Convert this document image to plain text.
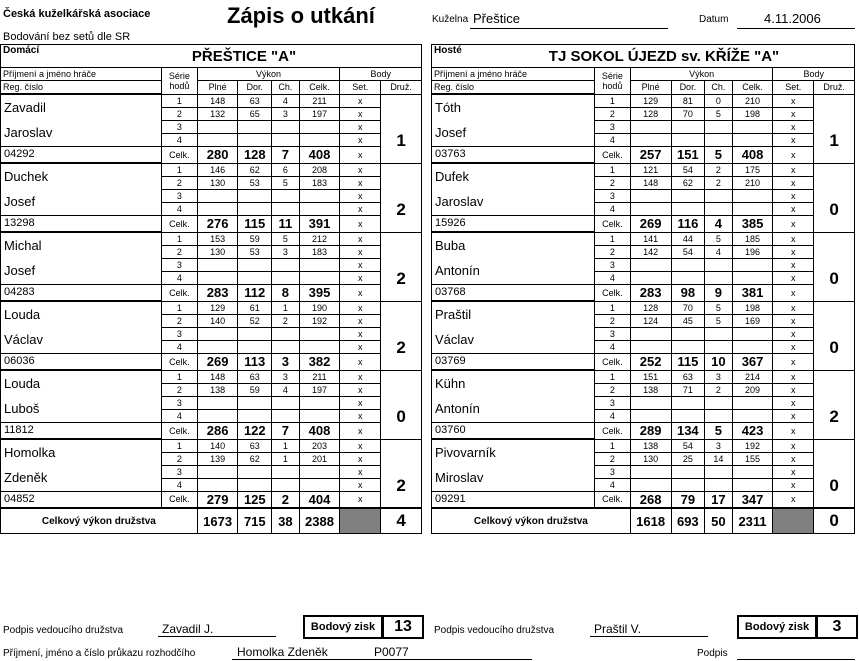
Česká kuželkářská asociace
Bodování bez setů dle SR
Zápis o utkání	Kuželna Přeštice	Datum	4.11.2006
Domácí PŘEŠTICE "A"							
Příjmení a jméno hráče	Série
hodů	Výkon				Body	
Reg. číslo		Plné	Dor.	Ch.	Celk.	Set.	Druž.
Zavadil	1	148	63	4	211	x	
	2	132	65	3	197	x	
Jaroslav	3					x	1
	4					x	
04292	Celk.	280	128	7	408	x	
Duchek	1	146	62	6	208	x	
	2	130	53	5	183	x	
Josef	3					x	2
	4					x	
13298	Celk.	276	115	11	391	x	
Michal	1	153	59	5	212	x	
	2	130	53	3	183	x	
Josef	3					x	2
	4					x	
04283	Celk.	283	112	8	395	x	
Louda	1	129	61	1	190	x	
	2	140	52	2	192	x	
Václav	3					x	2
	4					x	
06036	Celk.	269	113	3	382	x	
Louda	1	148	63	3	211	x	
	2	138	59	4	197	x	
Luboš	3					x	0
	4					x	
11812	Celk.	286	122	7	408	x	
Homolka	1	140	63	1	203	x	
	2	139	62	1	201	x	
Zdeněk	3					x	2
	4					x	
04852	Celk.	279	125	2	404	x	
Celkový výkon družstva		1673	715	38	2388		4
Hosté TJ SOKOL ÚJEZD sv. KŘÍŽE "A"							
Příjmení a jméno hráče	Série
hodů	Výkon				Body	
Reg. číslo		Plné	Dor.	Ch.	Celk.	Set.	Druž.
Tóth	1	129	81	0	210	x	
	2	128	70	5	198	x	
Josef	3					x	1
	4					x	
03763	Celk.	257	151	5	408	x	
Dufek	1	121	54	2	175	x	
	2	148	62	2	210	x	
Jaroslav	3					x	0
	4					x	
15926	Celk.	269	116	4	385	x	
Buba	1	141	44	5	185	x	
	2	142	54	4	196	x	
Antonín	3					x	0
	4					x	
03768	Celk.	283	98	9	381	x	
Praštil	1	128	70	5	198	x	
	2	124	45	5	169	x	
Václav	3					x	0
	4					x	
03769	Celk.	252	115	10	367	x	
Kühn	1	151	63	3	214	x	
	2	138	71	2	209	x	
Antonín	3					x	2
	4					x	
03760	Celk.	289	134	5	423	x	
Pivovarník	1	138	54	3	192	x	
	2	130	25	14	155	x	
Miroslav	3					x	0
	4					x	
09291	Celk.	268	79	17	347	x	
Celkový výkon družstva		1618	693	50	2311		0
Bodový zisk	13
Podpis vedoucího družstva	Zavadil J.	Bodový zisk	3
Podpis vedoucího družstva	Praštil V.
Příjmení, jméno a číslo průkazu rozhodčího	Homolka Zdeněk	P0077	Podpis
